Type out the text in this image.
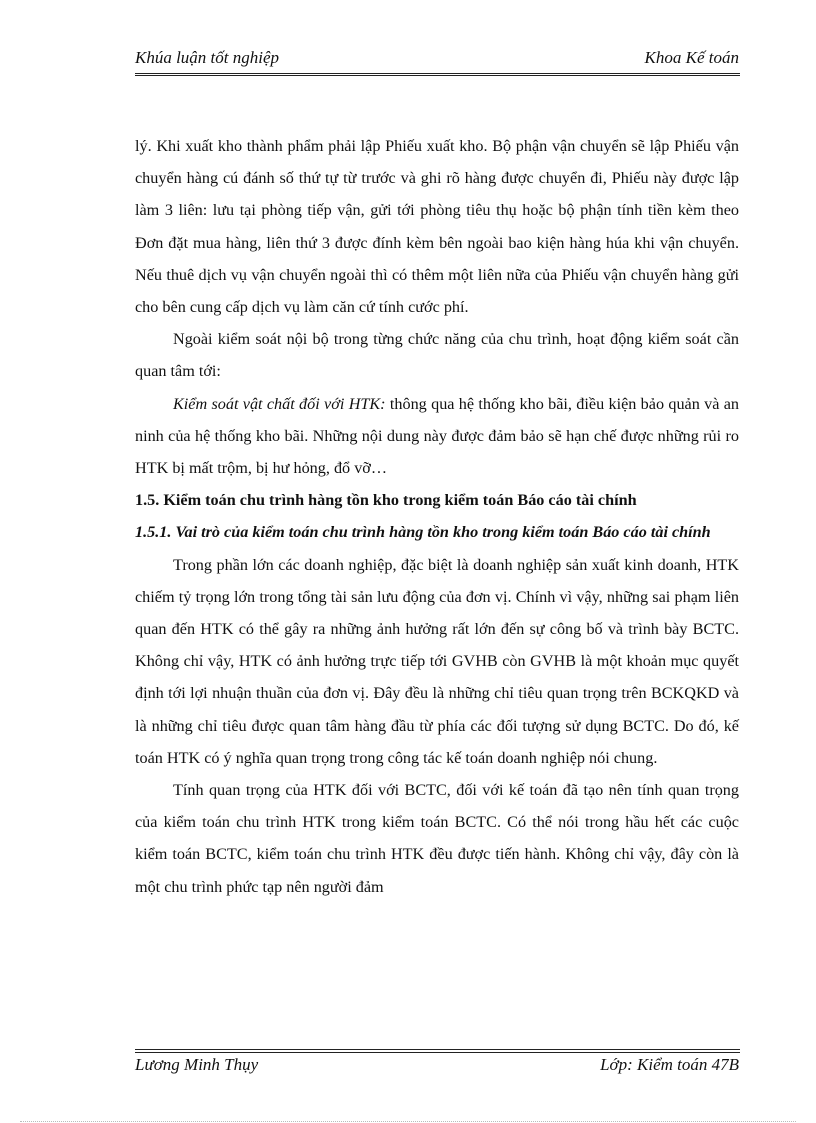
Khúa luận tốt nghiệp	Khoa Kế toán

lý. Khi xuất kho thành phẩm phải lập Phiếu xuất kho. Bộ phận vận chuyển sẽ lập Phiếu vận chuyển hàng cú đánh số thứ tự từ trước và ghi rõ hàng được chuyển đi, Phiếu này được lập làm 3 liên: lưu tại phòng tiếp vận, gửi tới phòng tiêu thụ hoặc bộ phận tính tiền kèm theo Đơn đặt mua hàng, liên thứ 3 được đính kèm bên ngoài bao kiện hàng húa khi vận chuyển. Nếu thuê dịch vụ vận chuyển ngoài thì có thêm một liên nữa của Phiếu vận chuyển hàng gửi cho bên cung cấp dịch vụ làm căn cứ tính cước phí.

Ngoài kiểm soát nội bộ trong từng chức năng của chu trình, hoạt động kiểm soát cần quan tâm tới:

Kiểm soát vật chất đối với HTK: thông qua hệ thống kho bãi, điều kiện bảo quản và an ninh của hệ thống kho bãi. Những nội dung này được đảm bảo sẽ hạn chế được những rủi ro HTK bị mất trộm, bị hư hỏng, đổ vỡ…

1.5. Kiểm toán chu trình hàng tồn kho trong kiểm toán Báo cáo tài chính

1.5.1. Vai trò của kiểm toán chu trình hàng tồn kho trong kiểm toán Báo cáo tài chính

Trong phần lớn các doanh nghiệp, đặc biệt là doanh nghiệp sản xuất kinh doanh, HTK chiếm tỷ trọng lớn trong tổng tài sản lưu động của đơn vị. Chính vì vậy, những sai phạm liên quan đến HTK có thể gây ra những ảnh hưởng rất lớn đến sự công bố và trình bày BCTC. Không chỉ vậy, HTK có ảnh hưởng trực tiếp tới GVHB còn GVHB là một khoản mục quyết định tới lợi nhuận thuần của đơn vị. Đây đều là những chỉ tiêu quan trọng trên BCKQKD và là những chỉ tiêu được quan tâm hàng đầu từ phía các đối tượng sử dụng BCTC. Do đó, kế toán HTK có ý nghĩa quan trọng trong công tác kế toán doanh nghiệp nói chung.

Tính quan trọng của HTK đối với BCTC, đối với kế toán đã tạo nên tính quan trọng của kiểm toán chu trình HTK trong kiểm toán BCTC. Có thể nói trong hầu hết các cuộc kiểm toán BCTC, kiểm toán chu trình HTK đều được tiến hành. Không chỉ vậy, đây còn là một chu trình phức tạp nên người đảm

Lương Minh Thụy	Lớp: Kiểm toán 47B
